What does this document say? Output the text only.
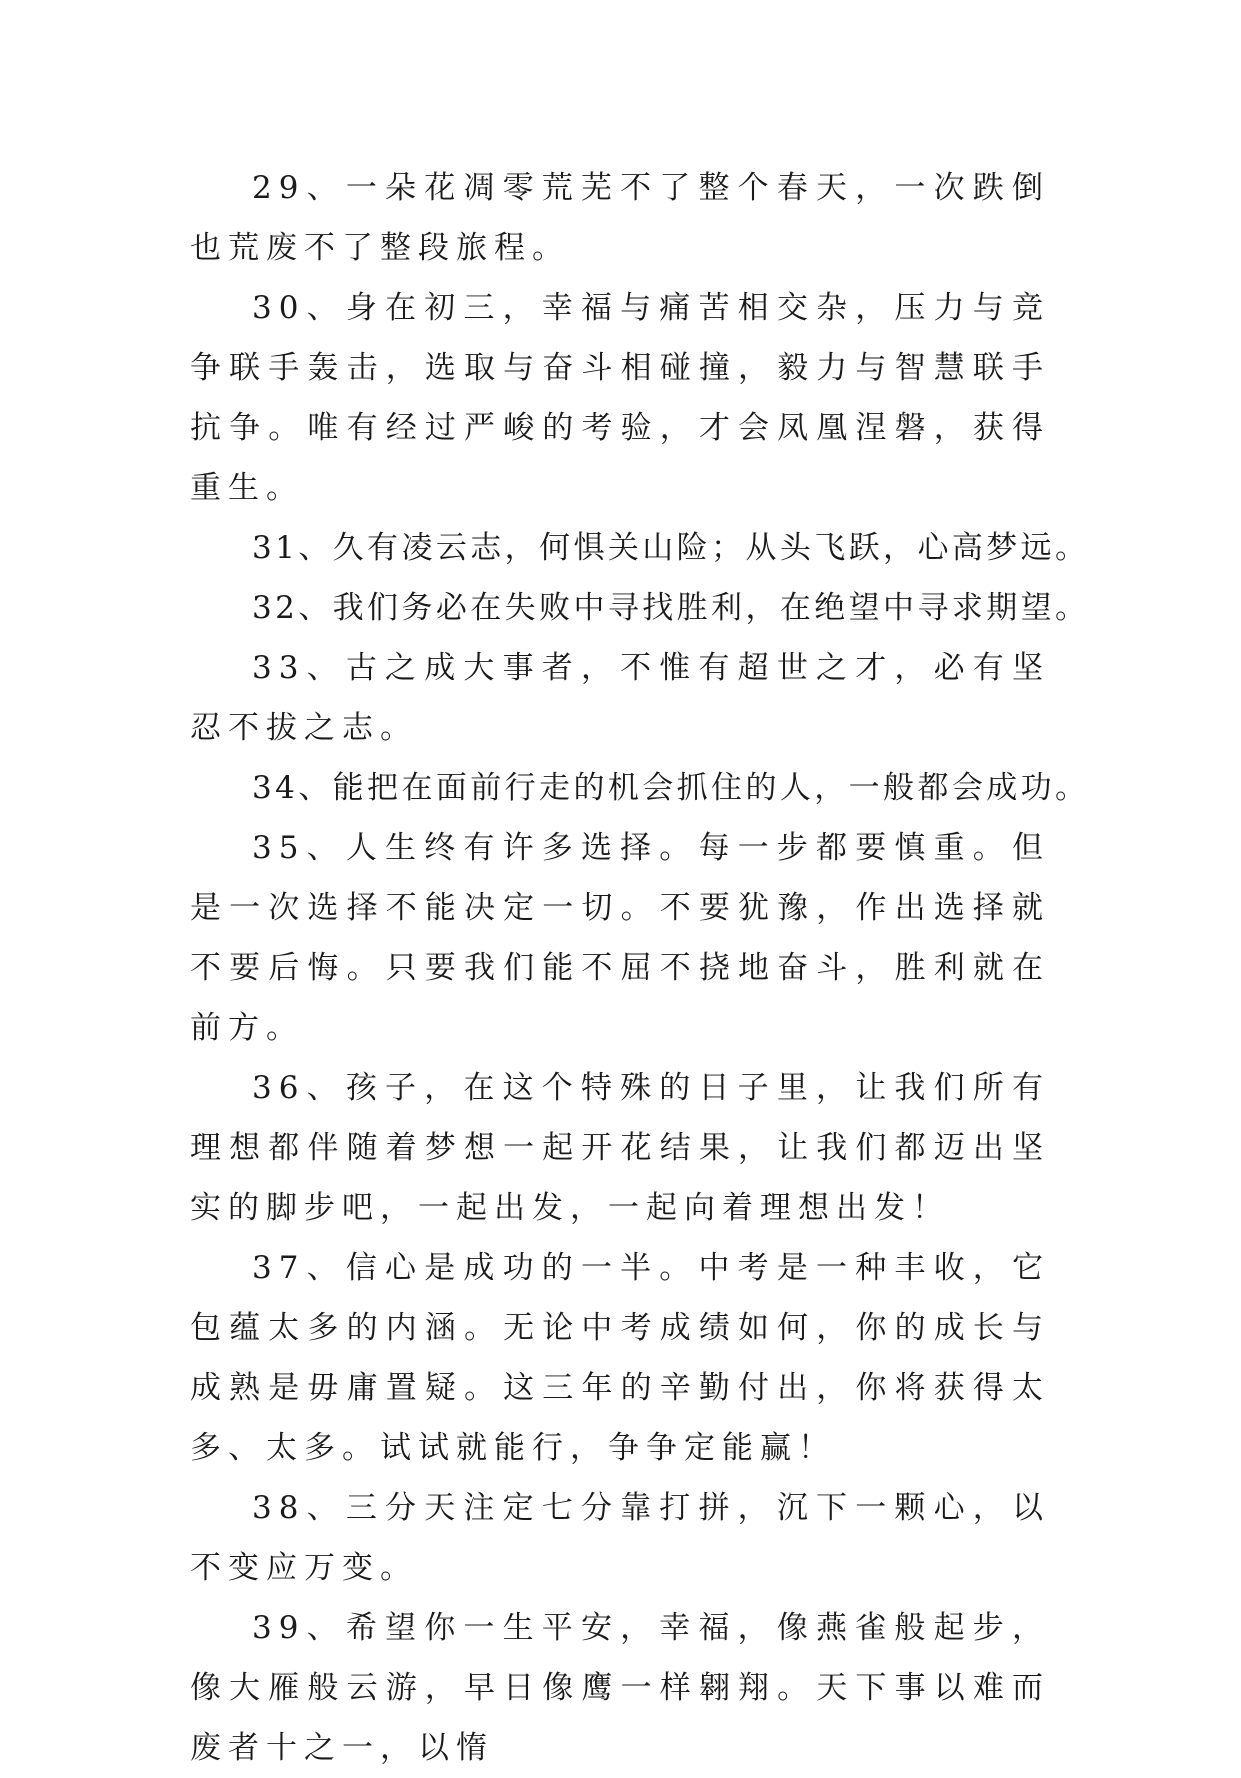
29、一朵花凋零荒芜不了整个春天，一次跌倒也荒废不了整段旅程。

30、身在初三，幸福与痛苦相交杂，压力与竞争联手轰击，选取与奋斗相碰撞，毅力与智慧联手抗争。唯有经过严峻的考验，才会凤凰涅磐，获得重生。

31、久有凌云志，何惧关山险；从头飞跃，心高梦远。

32、我们务必在失败中寻找胜利，在绝望中寻求期望。

33、古之成大事者，不惟有超世之才，必有坚忍不拔之志。

34、能把在面前行走的机会抓住的人，一般都会成功。

35、人生终有许多选择。每一步都要慎重。但是一次选择不能决定一切。不要犹豫，作出选择就不要后悔。只要我们能不屈不挠地奋斗，胜利就在前方。

36、孩子，在这个特殊的日子里，让我们所有理想都伴随着梦想一起开花结果，让我们都迈出坚实的脚步吧，一起出发，一起向着理想出发！

37、信心是成功的一半。中考是一种丰收，它包蕴太多的内涵。无论中考成绩如何，你的成长与成熟是毋庸置疑。这三年的辛勤付出，你将获得太多、太多。试试就能行，争争定能赢！

38、三分天注定七分靠打拼，沉下一颗心，以不变应万变。

39、希望你一生平安，幸福，像燕雀般起步，像大雁般云游，早日像鹰一样翱翔。天下事以难而废者十之一，以惰
